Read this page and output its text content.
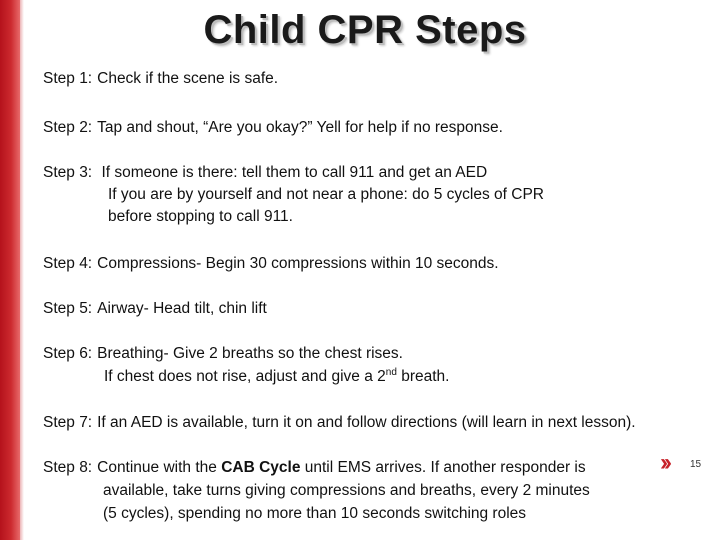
Child CPR Steps
Step 1: Check if the scene is safe.
Step 2: Tap and shout, “Are you okay?” Yell for help if no response.
Step 3: If someone is there: tell them to call 911 and get an AED
If you are by yourself and not near a phone: do 5 cycles of CPR
before stopping to call 911.
Step 4: Compressions- Begin 30 compressions within 10 seconds.
Step 5: Airway- Head tilt, chin lift
Step 6: Breathing- Give 2 breaths so the chest rises.
If chest does not rise, adjust and give a 2nd breath.
Step 7: If an AED is available, turn it on and follow directions (will learn in next lesson).
Step 8: Continue with the CAB Cycle until EMS arrives. If another responder is
available, take turns giving compressions and breaths, every 2 minutes
(5 cycles), spending no more than 10 seconds switching roles
›› 15
